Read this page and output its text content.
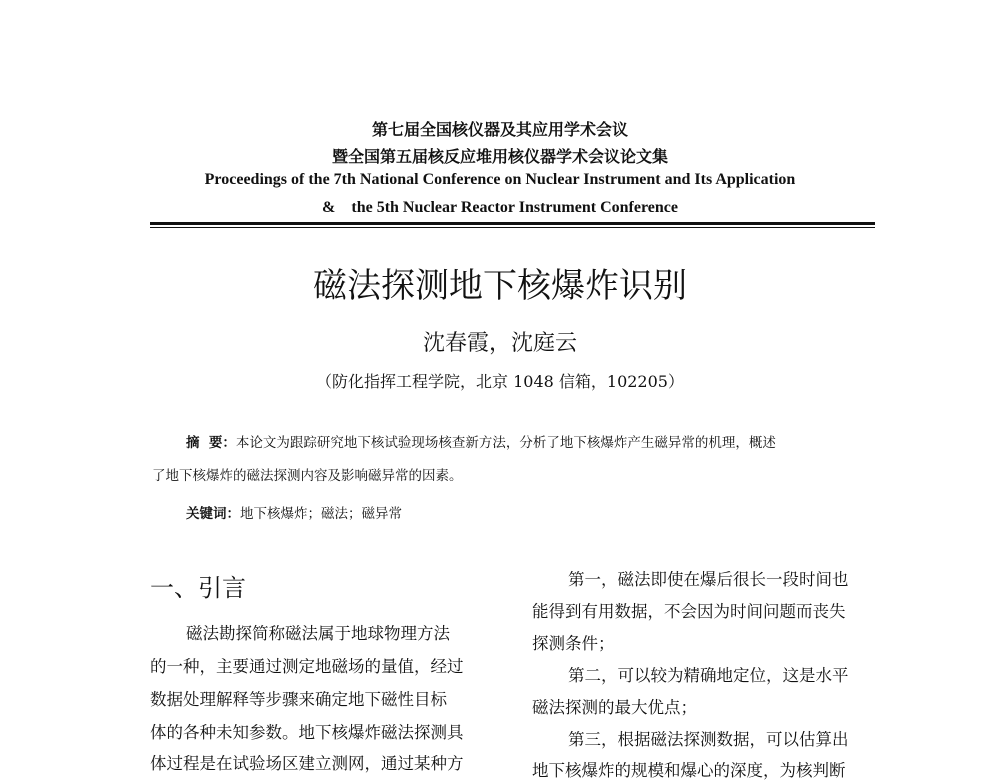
第七届全国核仪器及其应用学术会议
暨全国第五届核反应堆用核仪器学术会议论文集
Proceedings of the 7th National Conference on Nuclear Instrument and Its Application
&    the 5th Nuclear Reactor Instrument Conference
磁法探测地下核爆炸识别
沈春霞，沈庭云
（防化指挥工程学院，北京 1048 信箱，102205）
摘  要：本论文为跟踪研究地下核试验现场核查新方法，分析了地下核爆炸产生磁异常的机理，概述
了地下核爆炸的磁法探测内容及影响磁异常的因素。
关键词：地下核爆炸；磁法；磁异常
一、引言
磁法勘探简称磁法属于地球物理方法
的一种，主要通过测定地磁场的量值，经过
数据处理解释等步骤来确定地下磁性目标
体的各种未知参数。地下核爆炸磁法探测具
体过程是在试验场区建立测网，通过某种方
第一，磁法即使在爆后很长一段时间也
能得到有用数据，不会因为时间问题而丧失
探测条件；
第二，可以较为精确地定位，这是水平
磁法探测的最大优点；
第三，根据磁法探测数据，可以估算出
地下核爆炸的规模和爆心的深度，为核判断
